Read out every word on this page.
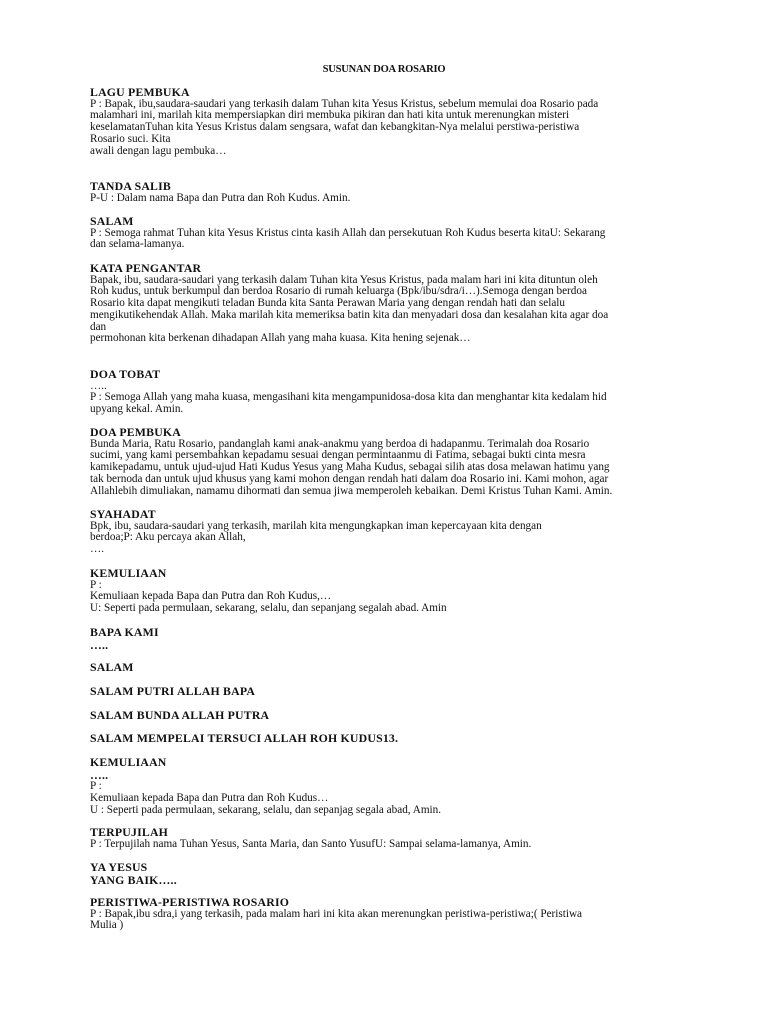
SUSUNAN DOA ROSARIO
LAGU PEMBUKA
P : Bapak, ibu,saudara-saudari yang terkasih dalam Tuhan kita Yesus Kristus, sebelum memulai doa Rosario pada
malamhari ini, marilah kita mempersiapkan diri membuka pikiran dan hati kita untuk merenungkan misteri
keselamatanTuhan kita Yesus Kristus dalam sengsara, wafat dan kebangkitan-Nya melalui perstiwa-peristiwa
Rosario suci. Kita
awali dengan lagu pembuka…
TANDA SALIB
P-U : Dalam nama Bapa dan Putra dan Roh Kudus. Amin.
SALAM
P : Semoga rahmat Tuhan kita Yesus Kristus cinta kasih Allah dan persekutuan Roh Kudus beserta kitaU: Sekarang
dan selama-lamanya.
KATA PENGANTAR
Bapak, ibu, saudara-saudari yang terkasih dalam Tuhan kita Yesus Kristus, pada malam hari ini kita dituntun oleh
Roh kudus, untuk berkumpul dan berdoa Rosario di rumah keluarga (Bpk/ibu/sdra/i…).Semoga dengan berdoa
Rosario kita dapat mengikuti teladan Bunda kita Santa Perawan Maria yang dengan rendah hati dan selalu
mengikutikehendak Allah. Maka marilah kita memeriksa batin kita dan menyadari dosa dan kesalahan kita agar doa
dan
permohonan kita berkenan dihadapan Allah yang maha kuasa. Kita hening sejenak…
DOA TOBAT
…..
P : Semoga Allah yang maha kuasa, mengasihani kita mengampunidosa-dosa kita dan menghantar kita kedalam hid
upyang kekal. Amin.
DOA PEMBUKA
Bunda Maria, Ratu Rosario, pandanglah kami anak-anakmu yang berdoa di hadapanmu. Terimalah doa Rosario
sucimi, yang kami persembahkan kepadamu sesuai dengan permintaanmu di Fatima, sebagai bukti cinta mesra
kamikepadamu, untuk ujud-ujud Hati Kudus Yesus yang Maha Kudus, sebagai silih atas dosa melawan hatimu yang
tak bernoda dan untuk ujud khusus yang kami mohon dengan rendah hati dalam doa Rosario ini. Kami mohon, agar
Allahlebih dimuliakan, namamu dihormati dan semua jiwa memperoleh kebaikan. Demi Kristus Tuhan Kami. Amin.
SYAHADAT
Bpk, ibu, saudara-saudari yang terkasih, marilah kita mengungkapkan iman kepercayaan kita dengan
berdoa;P: Aku percaya akan Allah,
….
KEMULIAAN
P :
Kemuliaan kepada Bapa dan Putra dan Roh Kudus,…
U: Seperti pada permulaan, sekarang, selalu, dan sepanjang segalah abad. Amin
BAPA KAMI
…..
SALAM
SALAM PUTRI ALLAH BAPA
SALAM BUNDA ALLAH PUTRA
SALAM MEMPELAI TERSUCI ALLAH ROH KUDUS13.
KEMULIAAN
…..
P :
Kemuliaan kepada Bapa dan Putra dan Roh Kudus…
U : Seperti pada permulaan, sekarang, selalu, dan sepanjag segala abad, Amin.
TERPUJILAH
P : Terpujilah nama Tuhan Yesus, Santa Maria, dan Santo YusufU: Sampai selama-lamanya, Amin.
YA YESUS
YANG BAIK…..
PERISTIWA-PERISTIWA ROSARIO
P : Bapak,ibu sdra,i yang terkasih, pada malam hari ini kita akan merenungkan peristiwa-peristiwa;( Peristiwa
Mulia )
